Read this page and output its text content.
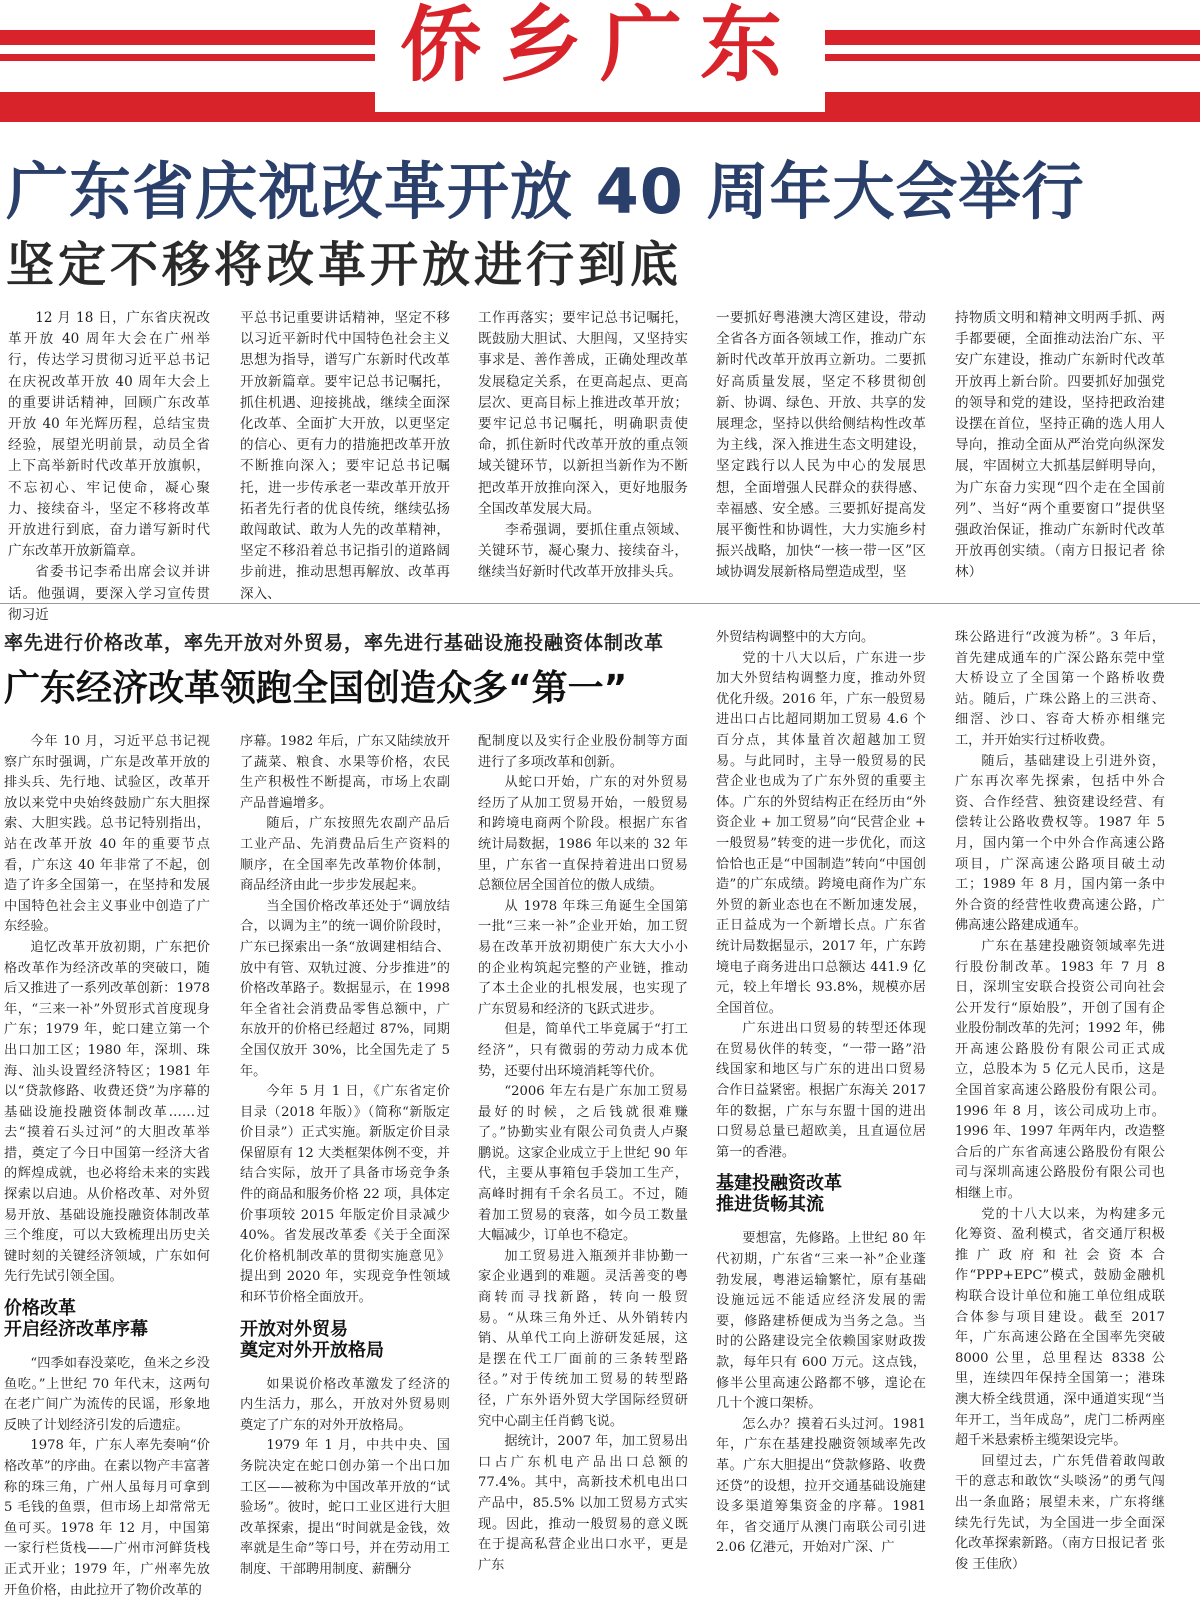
侨乡广东
广东省庆祝改革开放 40 周年大会举行
坚定不移将改革开放进行到底

12 月 18 日，广东省庆祝改革开放 40 周年大会在广州举行，传达学习贯彻习近平总书记在庆祝改革开放 40 周年大会上的重要讲话精神，回顾广东改革开放 40 年光辉历程，总结宝贵经验，展望光明前景，动员全省上下高举新时代改革开放旗帜，不忘初心、牢记使命，凝心聚力、接续奋斗，坚定不移将改革开放进行到底，奋力谱写新时代广东改革开放新篇章。

省委书记李希出席会议并讲话。他强调，要深入学习宣传贯彻习近

平总书记重要讲话精神，坚定不移以习近平新时代中国特色社会主义思想为指导，谱写广东新时代改革开放新篇章。要牢记总书记嘱托，抓住机遇、迎接挑战，继续全面深化改革、全面扩大开放，以更坚定的信心、更有力的措施把改革开放不断推向深入；要牢记总书记嘱托，进一步传承老一辈改革开放开拓者先行者的优良传统，继续弘扬敢闯敢试、敢为人先的改革精神，坚定不移沿着总书记指引的道路阔步前进，推动思想再解放、改革再深入、

工作再落实；要牢记总书记嘱托，既鼓励大胆试、大胆闯，又坚持实事求是、善作善成，正确处理改革发展稳定关系，在更高起点、更高层次、更高目标上推进改革开放；要牢记总书记嘱托，明确职责使命，抓住新时代改革开放的重点领域关键环节，以新担当新作为不断把改革开放推向深入，更好地服务全国改革发展大局。

李希强调，要抓住重点领域、关键环节，凝心聚力、接续奋斗，继续当好新时代改革开放排头兵。

一要抓好粤港澳大湾区建设，带动全省各方面各领域工作，推动广东新时代改革开放再立新功。二要抓好高质量发展，坚定不移贯彻创新、协调、绿色、开放、共享的发展理念，坚持以供给侧结构性改革为主线，深入推进生态文明建设，坚定践行以人民为中心的发展思想，全面增强人民群众的获得感、幸福感、安全感。三要抓好提高发展平衡性和协调性，大力实施乡村振兴战略，加快“一核一带一区”区域协调发展新格局塑造成型，坚

持物质文明和精神文明两手抓、两手都要硬，全面推动法治广东、平安广东建设，推动广东新时代改革开放再上新台阶。四要抓好加强党的领导和党的建设，坚持把政治建设摆在首位，坚持正确的选人用人导向，推动全面从严治党向纵深发展，牢固树立大抓基层鲜明导向，为广东奋力实现“四个走在全国前列”、当好“两个重要窗口”提供坚强政治保证，推动广东新时代改革开放再创实绩。（南方日报记者 徐林）

率先进行价格改革，率先开放对外贸易，率先进行基础设施投融资体制改革
广东经济改革领跑全国创造众多“第一”

今年 10 月，习近平总书记视察广东时强调，广东是改革开放的排头兵、先行地、试验区，改革开放以来党中央始终鼓励广东大胆探索、大胆实践。总书记特别指出，站在改革开放 40 年的重要节点看，广东这 40 年非常了不起，创造了许多全国第一，在坚持和发展中国特色社会主义事业中创造了广东经验。

追忆改革开放初期，广东把价格改革作为经济改革的突破口，随后又推进了一系列改革创新：1978 年，“三来一补”外贸形式首度现身广东；1979 年，蛇口建立第一个出口加工区；1980 年，深圳、珠海、汕头设置经济特区；1981 年以“贷款修路、收费还贷”为序幕的基础设施投融资体制改革……过去“摸着石头过河”的大胆改革举措，奠定了今日中国第一经济大省的辉煌成就，也必将给未来的实践探索以启迪。从价格改革、对外贸易开放、基础设施投融资体制改革三个维度，可以大致梳理出历史关键时刻的关键经济领域，广东如何先行先试引领全国。

价格改革
开启经济改革序幕

“四季如春没菜吃，鱼米之乡没鱼吃。”上世纪 70 年代末，这两句在老广间广为流传的民谣，形象地反映了计划经济引发的后遗症。

1978 年，广东人率先奏响“价格改革”的序曲。在素以物产丰富著称的珠三角，广州人虽每月可拿到 5 毛钱的鱼票，但市场上却常常无鱼可买。1978 年 12 月，中国第一家行栏货栈——广州市河鲜货栈正式开业；1979 年，广州率先放开鱼价格，由此拉开了物价改革的

序幕。1982 年后，广东又陆续放开了蔬菜、粮食、水果等价格，农民生产积极性不断提高，市场上农副产品普遍增多。

随后，广东按照先农副产品后工业产品、先消费品后生产资料的顺序，在全国率先改革物价体制，商品经济由此一步步发展起来。

当全国价格改革还处于“调放结合，以调为主”的统一调价阶段时，广东已探索出一条“放调建相结合、放中有管、双轨过渡、分步推进”的价格改革路子。数据显示，在 1998 年全省社会消费品零售总额中，广东放开的价格已经超过 87%，同期全国仅放开 30%，比全国先走了 5 年。

今年 5 月 1 日，《广东省定价目录（2018 年版）》（简称“新版定价目录”）正式实施。新版定价目录保留原有 12 大类框架体例不变，并结合实际，放开了具备市场竞争条件的商品和服务价格 22 项，具体定价事项较 2015 年版定价目录减少 40%。省发展改革委《关于全面深化价格机制改革的贯彻实施意见》提出到 2020 年，实现竞争性领域和环节价格全面放开。

开放对外贸易
奠定对外开放格局

如果说价格改革激发了经济的内生活力，那么，开放对外贸易则奠定了广东的对外开放格局。

1979 年 1 月，中共中央、国务院决定在蛇口创办第一个出口加工区——被称为中国改革开放的“试验场”。彼时，蛇口工业区进行大胆改革探索，提出“时间就是金钱，效率就是生命”等口号，并在劳动用工制度、干部聘用制度、薪酬分

配制度以及实行企业股份制等方面进行了多项改革和创新。

从蛇口开始，广东的对外贸易经历了从加工贸易开始，一般贸易和跨境电商两个阶段。根据广东省统计局数据，1986 年以来的 32 年里，广东省一直保持着进出口贸易总额位居全国首位的傲人成绩。

从 1978 年珠三角诞生全国第一批“三来一补”企业开始，加工贸易在改革开放初期使广东大大小小的企业构筑起完整的产业链，推动了本土企业的扎根发展，也实现了广东贸易和经济的飞跃式进步。

但是，简单代工毕竟属于“打工经济”，只有微弱的劳动力成本优势，还要付出环境消耗等代价。

“2006 年左右是广东加工贸易最好的时候，之后钱就很难赚了。”协勤实业有限公司负责人卢聚鹏说。这家企业成立于上世纪 90 年代，主要从事箱包手袋加工生产，高峰时拥有千余名员工。不过，随着加工贸易的衰落，如今员工数量大幅减少，订单也不稳定。

加工贸易进入瓶颈并非协勤一家企业遇到的难题。灵活善变的粤商转而寻找新路，转向一般贸易。“从珠三角外迁、从外销转内销、从单代工向上游研发延展，这是摆在代工厂面前的三条转型路径。”对于传统加工贸易的转型路径，广东外语外贸大学国际经贸研究中心副主任肖鹤飞说。

据统计，2007 年，加工贸易出口占广东机电产品出口总额的 77.4%。其中，高新技术机电出口产品中，85.5% 以加工贸易方式实现。因此，推动一般贸易的意义既在于提高私营企业出口水平，更是广东

外贸结构调整中的大方向。

党的十八大以后，广东进一步加大外贸结构调整力度，推动外贸优化升级。2016 年，广东一般贸易进出口占比超同期加工贸易 4.6 个百分点，其体量首次超越加工贸易。与此同时，主导一般贸易的民营企业也成为了广东外贸的重要主体。广东的外贸结构正在经历由“外资企业 + 加工贸易”向“民营企业 + 一般贸易”转变的进一步优化，而这恰恰也正是“中国制造”转向“中国创造”的广东成绩。跨境电商作为广东外贸的新业态也在不断加速发展，正日益成为一个新增长点。广东省统计局数据显示，2017 年，广东跨境电子商务进出口总额达 441.9 亿元，较上年增长 93.8%，规模亦居全国首位。

广东进出口贸易的转型还体现在贸易伙伴的转变，“一带一路”沿线国家和地区与广东的进出口贸易合作日益紧密。根据广东海关 2017 年的数据，广东与东盟十国的进出口贸易总量已超欧美，且直逼位居第一的香港。

基建投融资改革
推进货畅其流

要想富，先修路。上世纪 80 年代初期，广东省“三来一补”企业蓬勃发展，粤港运输繁忙，原有基础设施远远不能适应经济发展的需要，修路建桥便成为当务之急。当时的公路建设完全依赖国家财政拨款，每年只有 600 万元。这点钱，修半公里高速公路都不够，遑论在几十个渡口架桥。

怎么办？摸着石头过河。1981 年，广东在基建投融资领域率先改革。广东大胆提出“贷款修路、收费还贷”的设想，拉开交通基础设施建设多渠道筹集资金的序幕。1981 年，省交通厅从澳门南联公司引进 2.06 亿港元，开始对广深、广

珠公路进行“改渡为桥”。3 年后，首先建成通车的广深公路东莞中堂大桥设立了全国第一个路桥收费站。随后，广珠公路上的三洪奇、细滘、沙口、容奇大桥亦相继完工，并开始实行过桥收费。

随后，基础建设上引进外资，广东再次率先探索，包括中外合资、合作经营、独资建设经营、有偿转让公路收费权等。1987 年 5 月，国内第一个中外合作高速公路项目，广深高速公路项目破土动工；1989 年 8 月，国内第一条中外合资的经营性收费高速公路，广佛高速公路建成通车。

广东在基建投融资领域率先进行股份制改革。1983 年 7 月 8 日，深圳宝安联合投资公司向社会公开发行“原始股”，开创了国有企业股份制改革的先河；1992 年，佛开高速公路股份有限公司正式成立，总股本为 5 亿元人民币，这是全国首家高速公路股份有限公司。1996 年 8 月，该公司成功上市。1996 年、1997 年两年内，改造整合后的广东省高速公路股份有限公司与深圳高速公路股份有限公司也相继上市。

党的十八大以来，为构建多元化筹资、盈利模式，省交通厅积极推广政府和社会资本合作“PPP+EPC”模式，鼓励金融机构联合设计单位和施工单位组成联合体参与项目建设。截至 2017 年，广东高速公路在全国率先突破 8000 公里，总里程达 8338 公里，连续四年保持全国第一；港珠澳大桥全线贯通，深中通道实现“当年开工，当年成岛”，虎门二桥两座超千米悬索桥主缆架设完毕。

回望过去，广东凭借着敢闯敢干的意志和敢饮“头啖汤”的勇气闯出一条血路；展望未来，广东将继续先行先试，为全国进一步全面深化改革探索新路。（南方日报记者 张俊 王佳欣）
